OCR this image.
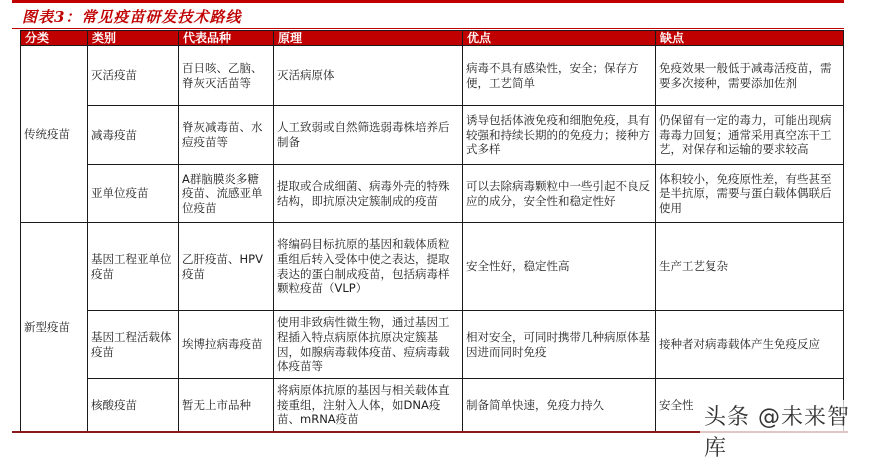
图表3：常见疫苗研发技术路线
分类	类别	代表品种	原理	优点	缺点
传统疫苗	灭活疫苗	百日咳、乙脑、脊灰灭活苗等	灭活病原体	病毒不具有感染性，安全；保存方便，工艺简单	免疫效果一般低于减毒活疫苗，需要多次接种，需要添加佐剂
	减毒疫苗	脊灰减毒苗、水痘疫苗等	人工致弱或自然筛选弱毒株培养后制备	诱导包括体液免疫和细胞免疫，具有较强和持续长期的的免疫力；接种方式多样	仍保留有一定的毒力，可能出现病毒毒力回复；通常采用真空冻干工艺，对保存和运输的要求较高
	亚单位疫苗	A群脑膜炎多糖疫苗、流感亚单位疫苗	提取或合成细菌、病毒外壳的特殊结构，即抗原决定簇制成的疫苗	可以去除病毒颗粒中一些引起不良反应的成分，安全性和稳定性好	体积较小，免疫原性差，有些甚至是半抗原，需要与蛋白载体偶联后使用
新型疫苗	基因工程亚单位疫苗	乙肝疫苗、HPV疫苗	将编码目标抗原的基因和载体质粒重组后转入受体中使之表达，提取表达的蛋白制成疫苗，包括病毒样颗粒疫苗（VLP）	安全性好，稳定性高	生产工艺复杂
	基因工程活载体疫苗	埃博拉病毒疫苗	使用非致病性微生物，通过基因工程插入特点病原体抗原决定簇基因，如腺病毒载体疫苗、痘病毒载体疫苗等	相对安全，可同时携带几种病原体基因进而同时免疫	接种者对病毒载体产生免疫反应
	核酸疫苗	暂无上市品种	将病原体抗原的基因与相关载体直接重组，注射入人体，如DNA疫苗、mRNA疫苗	制备简单快速，免疫力持久	安全性
头条 @未来智库
